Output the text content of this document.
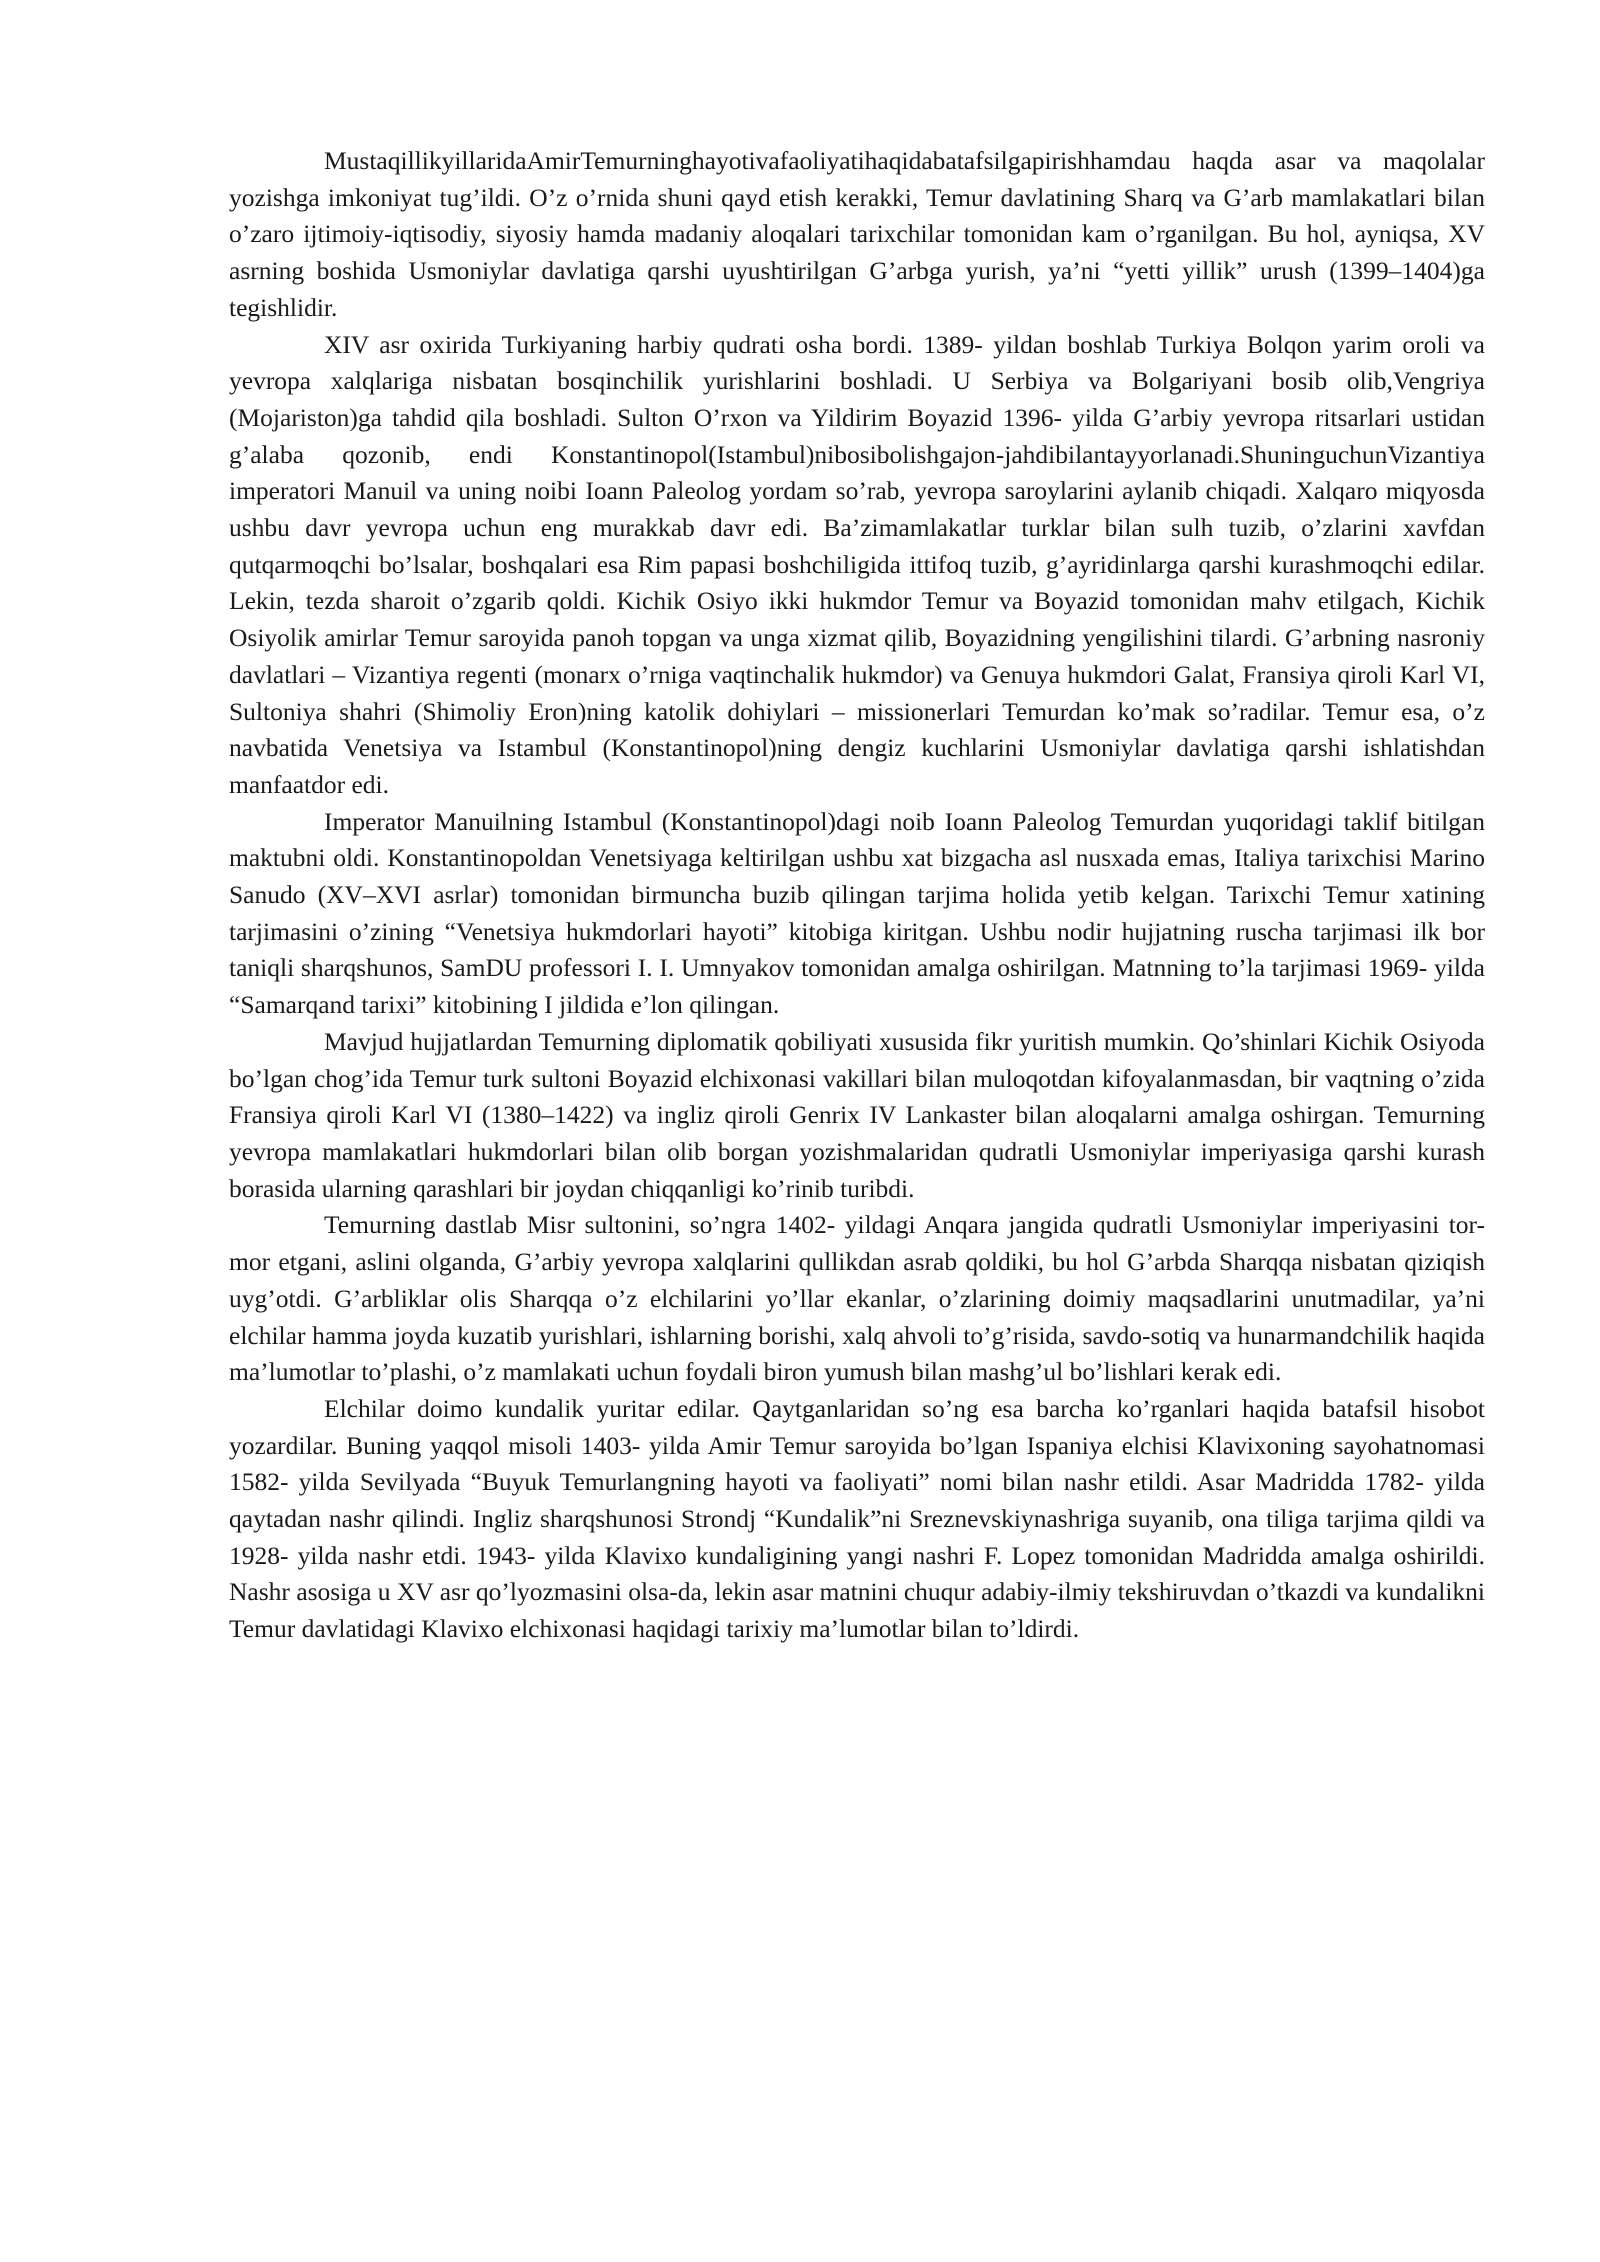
MustaqillikyillaridaAmirTemurninghayotivafaoliyatihaqidabatafsilgapirishhamdau haqda asar va maqolalar yozishga imkoniyat tug’ildi. O’z o’rnida shuni qayd etish kerakki, Temur davlatining Sharq va G’arb mamlakatlari bilan o’zaro ijtimoiy-iqtisodiy, siyosiy hamda madaniy aloqalari tarixchilar tomonidan kam o’rganilgan. Bu hol, ayniqsa, XV asrning boshida Usmoniylar davlatiga qarshi uyushtirilgan G’arbga yurish, ya’ni “yetti yillik” urush (1399–1404)ga tegishlidir.

XIV asr oxirida Turkiyaning harbiy qudrati osha bordi. 1389- yildan boshlab Turkiya Bolqon yarim oroli va yevropa xalqlariga nisbatan bosqinchilik yurishlarini boshladi. U Serbiya va Bolgariyani bosib olib,Vengriya (Mojariston)ga tahdid qila boshladi. Sulton O’rxon va Yildirim Boyazid 1396- yilda G’arbiy yevropa ritsarlari ustidan g’alaba qozonib, endi Konstantinopol(Istambul)nibosibolishgajon-jahdibilantayyorlanadi.ShuninguchunVizantiya imperatori Manuil va uning noibi Ioann Paleolog yordam so’rab, yevropa saroylarini aylanib chiqadi. Xalqaro miqyosda ushbu davr yevropa uchun eng murakkab davr edi. Ba’zimamlakatlar turklar bilan sulh tuzib, o’zlarini xavfdan qutqarmoqchi bo’lsalar, boshqalari esa Rim papasi boshchiligida ittifoq tuzib, g’ayridinlarga qarshi kurashmoqchi edilar. Lekin, tezda sharoit o’zgarib qoldi. Kichik Osiyo ikki hukmdor Temur va Boyazid tomonidan mahv etilgach, Kichik Osiyolik amirlar Temur saroyida panoh topgan va unga xizmat qilib, Boyazidning yengilishini tilardi. G’arbning nasroniy davlatlari – Vizantiya regenti (monarx o’rniga vaqtinchalik hukmdor) va Genuya hukmdori Galat, Fransiya qiroli Karl VI, Sultoniya shahri (Shimoliy Eron)ning katolik dohiylari – missionerlari Temurdan ko’mak so’radilar. Temur esa, o’z navbatida Venetsiya va Istambul (Konstantinopol)ning dengiz kuchlarini Usmoniylar davlatiga qarshi ishlatishdan manfaatdor edi.

Imperator Manuilning Istambul (Konstantinopol)dagi noib Ioann Paleolog Temurdan yuqoridagi taklif bitilgan maktubni oldi. Konstantinopoldan Venetsiyaga keltirilgan ushbu xat bizgacha asl nusxada emas, Italiya tarixchisi Marino Sanudo (XV–XVI asrlar) tomonidan birmuncha buzib qilingan tarjima holida yetib kelgan. Tarixchi Temur xatining tarjimasini o’zining “Venetsiya hukmdorlari hayoti” kitobiga kiritgan. Ushbu nodir hujjatning ruscha tarjimasi ilk bor taniqli sharqshunos, SamDU professori I. I. Umnyakov tomonidan amalga oshirilgan. Matnning to’la tarjimasi 1969- yilda “Samarqand tarixi” kitobining I jildida e’lon qilingan.

Mavjud hujjatlardan Temurning diplomatik qobiliyati xususida fikr yuritish mumkin. Qo’shinlari Kichik Osiyoda bo’lgan chog’ida Temur turk sultoni Boyazid elchixonasi vakillari bilan muloqotdan kifoyalanmasdan, bir vaqtning o’zida Fransiya qiroli Karl VI (1380–1422) va ingliz qiroli Genrix IV Lankaster bilan aloqalarni amalga oshirgan. Temurning yevropa mamlakatlari hukmdorlari bilan olib borgan yozishmalaridan qudratli Usmoniylar imperiyasiga qarshi kurash borasida ularning qarashlari bir joydan chiqqanligi ko’rinib turibdi.

Temurning dastlab Misr sultonini, so’ngra 1402- yildagi Anqara jangida qudratli Usmoniylar imperiyasini tor-mor etgani, aslini olganda, G’arbiy yevropa xalqlarini qullikdan asrab qoldiki, bu hol G’arbda Sharqqa nisbatan qiziqish uyg’otdi. G’arbliklar olis Sharqqa o’z elchilarini yo’llar ekanlar, o’zlarining doimiy maqsadlarini unutmadilar, ya’ni elchilar hamma joyda kuzatib yurishlari, ishlarning borishi, xalq ahvoli to’g’risida, savdo-sotiq va hunarmandchilik haqida ma’lumotlar to’plashi, o’z mamlakati uchun foydali biron yumush bilan mashg’ul bo’lishlari kerak edi.

Elchilar doimo kundalik yuritar edilar. Qaytganlaridan so’ng esa barcha ko’rganlari haqida batafsil hisobot yozardilar. Buning yaqqol misoli 1403- yilda Amir Temur saroyida bo’lgan Ispaniya elchisi Klavixoning sayohatnomasi 1582- yilda Sevilyada “Buyuk Temurlangning hayoti va faoliyati” nomi bilan nashr etildi. Asar Madridda 1782- yilda qaytadan nashr qilindi. Ingliz sharqshunosi Strondj “Kundalik”ni Sreznevskiynashriga suyanib, ona tiliga tarjima qildi va 1928- yilda nashr etdi. 1943- yilda Klavixo kundaligining yangi nashri F. Lopez tomonidan Madridda amalga oshirildi. Nashr asosiga u XV asr qo’lyozmasini olsa-da, lekin asar matnini chuqur adabiy-ilmiy tekshiruvdan o’tkazdi va kundalikni Temur davlatidagi Klavixo elchixonasi haqidagi tarixiy ma’lumotlar bilan to’ldirdi.
